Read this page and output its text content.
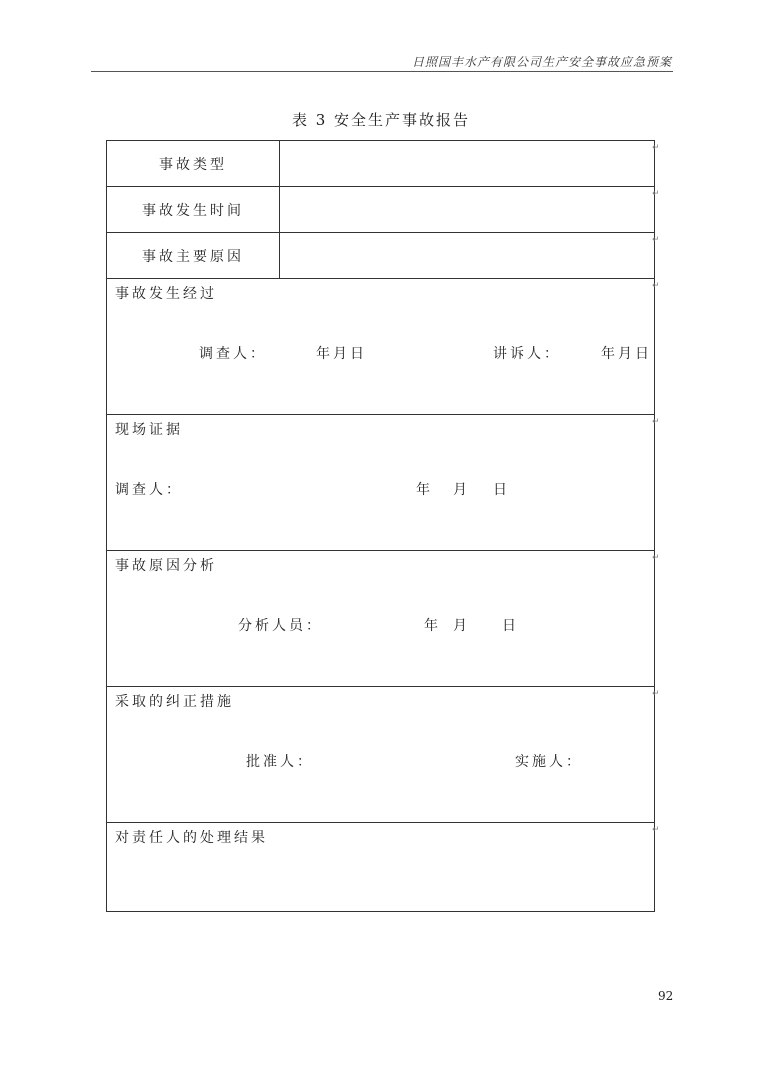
日照国丰水产有限公司生产安全事故应急预案
表 3 安全生产事故报告
事故类型
事故发生时间
事故主要原因
事故发生经过
调查人：	年月日	讲诉人：	年月日
现场证据
调查人：	年 月 日
事故原因分析
分析人员：	年 月 日
采取的纠正措施
批准人：	实施人：
对责任人的处理结果
↵
↵
↵
↵
↵
↵
↵
↵
92
